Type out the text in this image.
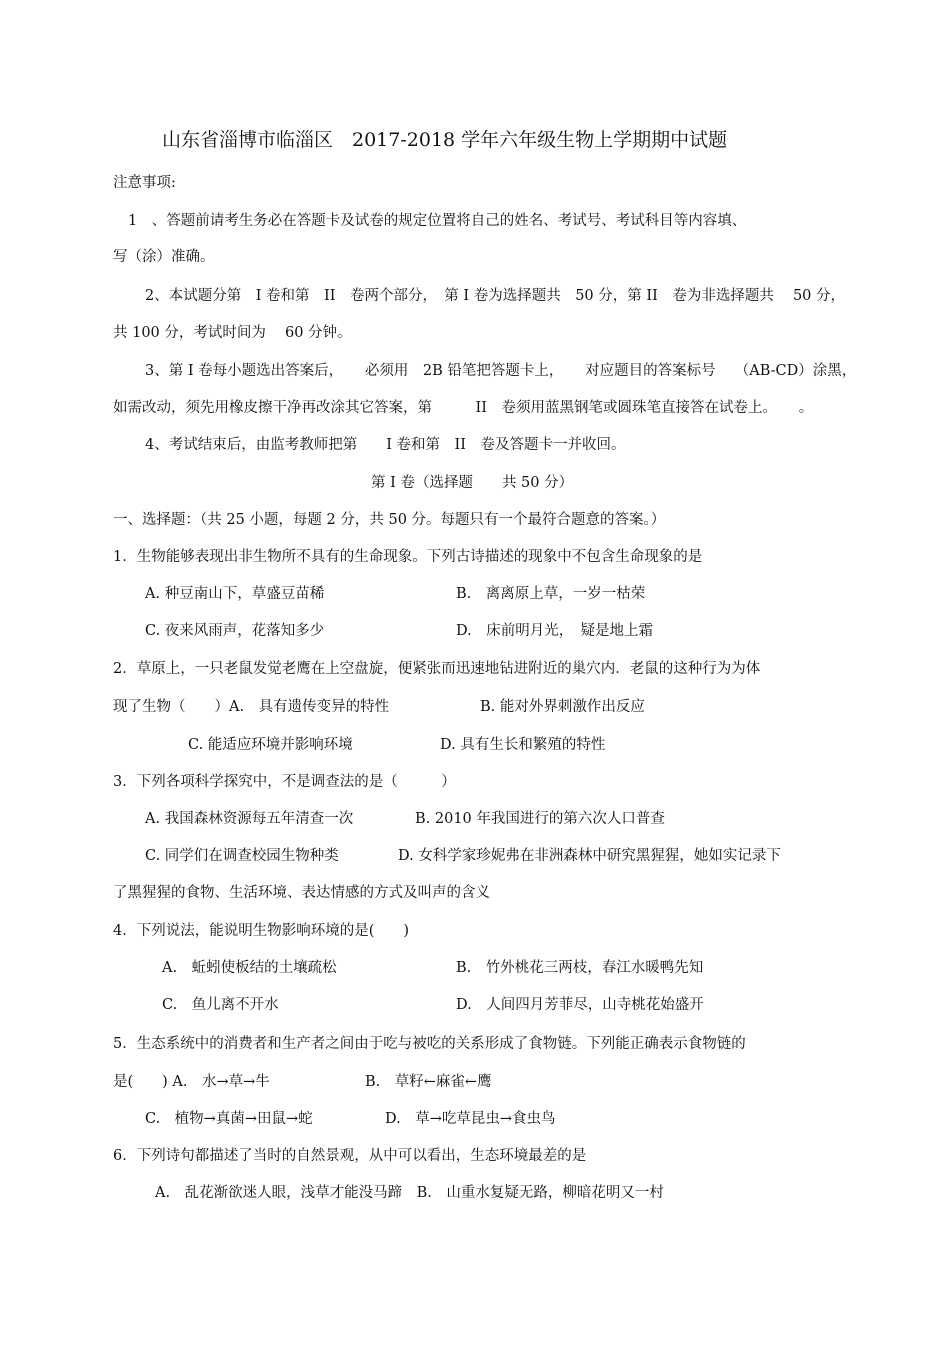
山东省淄博市临淄区　2017-2018 学年六年级生物上学期期中试题
注意事项:
1　、答题前请考生务必在答题卡及试卷的规定位置将自己的姓名、考试号、考试科目等内容填、
写（涂）准确。
2、本试题分第　I 卷和第　II　卷两个部分，　第 I 卷为选择题共　50 分，第 II　卷为非选择题共　 50 分，
共 100 分，考试时间为　 60 分钟。
3、第 I 卷每小题选出答案后，　　必须用　2B 铅笔把答题卡上，　　对应题目的答案标号　 （AB-CD）涂黑，
如需改动，须先用橡皮擦干净再改涂其它答案，第　　　II　卷须用蓝黑钢笔或圆珠笔直接答在试卷上。　　。
4、考试结束后，由监考教师把第　　I 卷和第　II　卷及答题卡一并收回。
第 I 卷（选择题　　共 50 分）
一、选择题：（共 25 小题，每题 2 分，共 50 分。每题只有一个最符合题意的答案。）
1．生物能够表现出非生物所不具有的生命现象。下列古诗描述的现象中不包含生命现象的是
A. 种豆南山下，草盛豆苗稀	B.　离离原上草，一岁一枯荣
C. 夜来风雨声，花落知多少	D.　床前明月光，　疑是地上霜
2．草原上，一只老鼠发觉老鹰在上空盘旋，便紧张而迅速地钻进附近的巢穴内．老鼠的这种行为为体
现了生物（　　）A.　具有遗传变异的特性	B. 能对外界刺激作出反应
C. 能适应环境并影响环境	D. 具有生长和繁殖的特性
3．下列各项科学探究中，不是调查法的是（　　　）
A. 我国森林资源每五年清查一次	B. 2010 年我国进行的第六次人口普查
C. 同学们在调查校园生物种类	D. 女科学家珍妮弗在非洲森林中研究黑猩猩，她如实记录下
了黑猩猩的食物、生活环境、表达情感的方式及叫声的含义
4．下列说法，能说明生物影响环境的是(　　)
A.　蚯蚓使板结的土壤疏松	B.　竹外桃花三两枝，春江水暖鸭先知
C.　鱼儿离不开水	D.　人间四月芳菲尽，山寺桃花始盛开
5．生态系统中的消费者和生产者之间由于吃与被吃的关系形成了食物链。下列能正确表示食物链的
是(　　) A.　水→草→牛	B.　草籽←麻雀←鹰
C.　植物→真菌→田鼠→蛇	D.　草→吃草昆虫→食虫鸟
6．下列诗句都描述了当时的自然景观，从中可以看出，生态环境最差的是
A.　乱花渐欲迷人眼，浅草才能没马蹄　B.　山重水复疑无路，柳暗花明又一村
